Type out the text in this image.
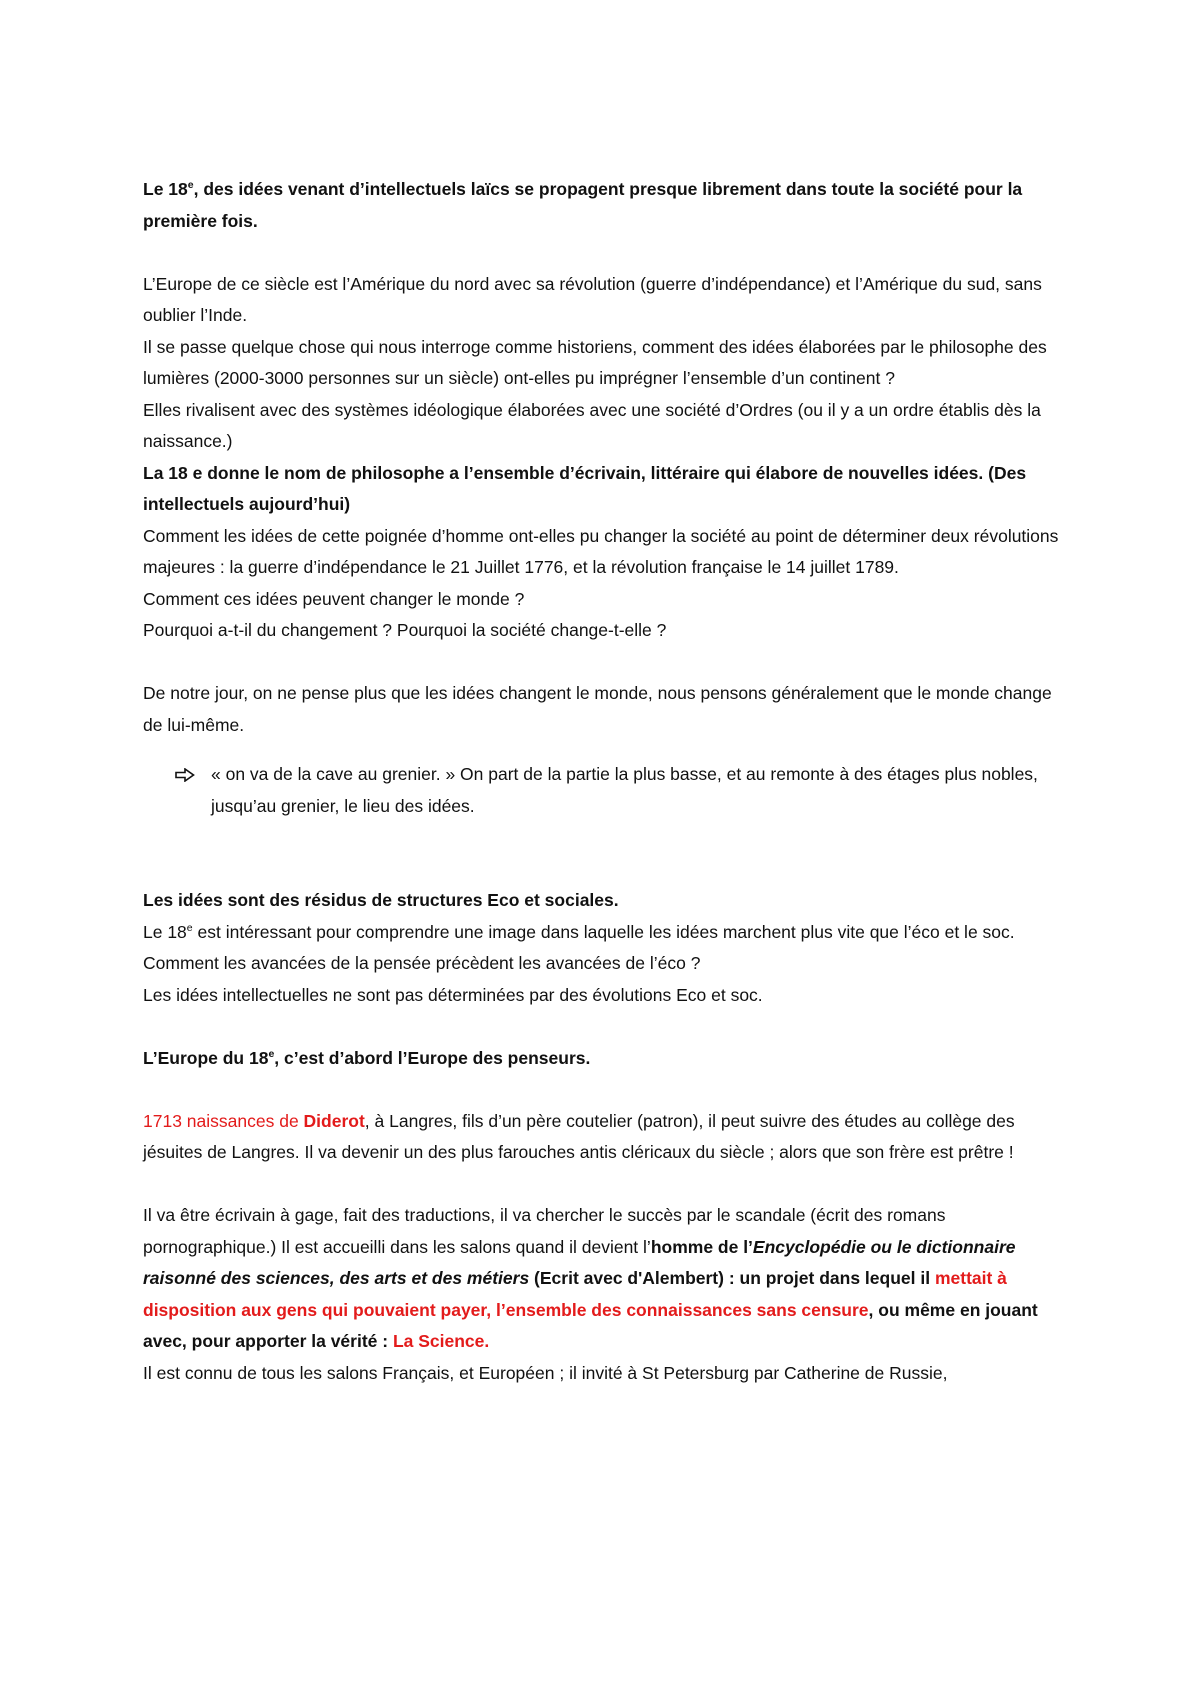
Le 18e, des idées venant d’intellectuels laïcs se propagent presque librement dans toute la société pour la première fois.

L’Europe de ce siècle est l’Amérique du nord avec sa révolution (guerre d’indépendance) et l’Amérique du sud, sans oublier l’Inde.

Il se passe quelque chose qui nous interroge comme historiens, comment des idées élaborées par le philosophe des lumières (2000-3000 personnes sur un siècle) ont-elles pu imprégner l’ensemble d’un continent ?

Elles rivalisent avec des systèmes idéologique élaborées avec une société d’Ordres (ou il y a un ordre établis dès la naissance.)

La 18 e donne le nom de philosophe a l’ensemble d’écrivain, littéraire qui élabore de nouvelles idées. (Des intellectuels aujourd’hui)

Comment les idées de cette poignée d’homme ont-elles pu changer la société au point de déterminer deux révolutions majeures : la guerre d’indépendance le 21 Juillet 1776, et la révolution française le 14 juillet 1789.

Comment ces idées peuvent changer le monde ?

Pourquoi a-t-il du changement ? Pourquoi la société change-t-elle ?

De notre jour, on ne pense plus que les idées changent le monde, nous pensons généralement que le monde change de lui-même.

« on va de la cave au grenier. » On part de la partie la plus basse, et au remonte à des étages plus nobles, jusqu’au grenier, le lieu des idées.

Les idées sont des résidus de structures Eco et sociales.

Le 18e est intéressant pour comprendre une image dans laquelle les idées marchent plus vite que l’éco et le soc.

Comment les avancées de la pensée précèdent les avancées de l’éco ?

Les idées intellectuelles ne sont pas déterminées par des évolutions Eco et soc.

L’Europe du 18e, c’est d’abord l’Europe des penseurs.

1713 naissances de Diderot, à Langres, fils d’un père coutelier (patron), il peut suivre des études au collège des jésuites de Langres. Il va devenir un des plus farouches antis cléricaux du siècle ; alors que son frère est prêtre !

Il va être écrivain à gage, fait des traductions, il va chercher le succès par le scandale (écrit des romans pornographique.) Il est accueilli dans les salons quand il devient l’homme de l’Encyclopédie ou le dictionnaire raisonné des sciences, des arts et des métiers (Ecrit avec d'Alembert) : un projet dans lequel il mettait à disposition aux gens qui pouvaient payer, l’ensemble des connaissances sans censure, ou même en jouant avec, pour apporter la vérité : La Science.

Il est connu de tous les salons Français, et Européen ; il invité à St Petersburg par Catherine de Russie,
